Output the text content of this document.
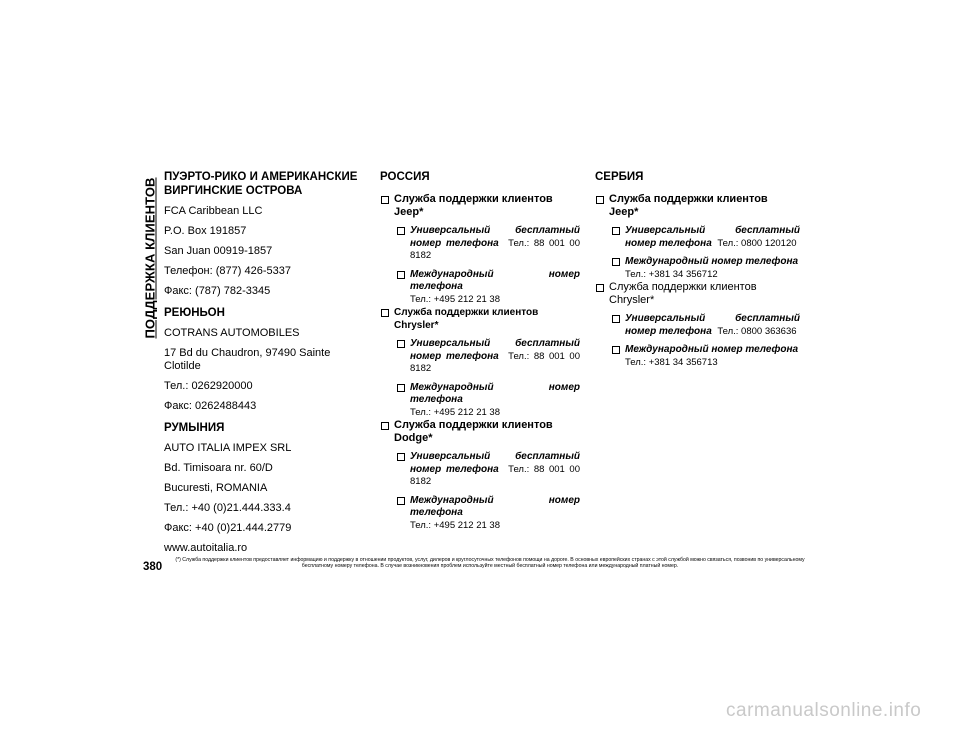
ПОДДЕРЖКА КЛИЕНТОВ
ПУЭРТО-РИКО И АМЕРИКАНСКИЕ ВИРГИНСКИЕ ОСТРОВА
FCA Caribbean LLC
P.O. Box 191857
San Juan 00919-1857
Телефон: (877) 426-5337
Факс: (787) 782-3345
РЕЮНЬОН
COTRANS AUTOMOBILES
17 Bd du Chaudron, 97490 Sainte Clotilde
Тел.: 0262920000
Факс: 0262488443
РУМЫНИЯ
AUTO ITALIA IMPEX SRL
Bd. Timisoara nr. 60/D
Bucuresti, ROMANIA
Тел.: +40 (0)21.444.333.4
Факс: +40 (0)21.444.2779
www.autoitalia.ro
РОССИЯ
Служба поддержки клиентов Jeep*
Универсальный бесплатный номер телефона Тел.: 88 001 00 8182
Международный номер телефона
Тел.: +495 212 21 38
Служба поддержки клиентов Chrysler*
Универсальный бесплатный номер телефона Тел.: 88 001 00 8182
Международный номер телефона
Тел.: +495 212 21 38
Служба поддержки клиентов Dodge*
Универсальный бесплатный номер телефона Тел.: 88 001 00 8182
Международный номер телефона
Тел.: +495 212 21 38
СЕРБИЯ
Служба поддержки клиентов Jeep*
Универсальный бесплатный номер телефона Тел.: 0800 120120
Международный номер телефона
Тел.: +381 34 356712
Служба поддержки клиентов Chrysler*
Универсальный бесплатный номер телефона Тел.: 0800 363636
Международный номер телефона
Тел.: +381 34 356713
380
(*) Служба поддержки клиентов предоставляет информацию и поддержку в отношении продуктов, услуг, дилеров и круглосуточных телефонов помощи на дороге. В основных европейских странах с этой службой можно связаться, позвонив по универсальному бесплатному номеру телефона. В случае возникновения проблем используйте местный бесплатный номер телефона или международный платный номер.
carmanualsonline.info
